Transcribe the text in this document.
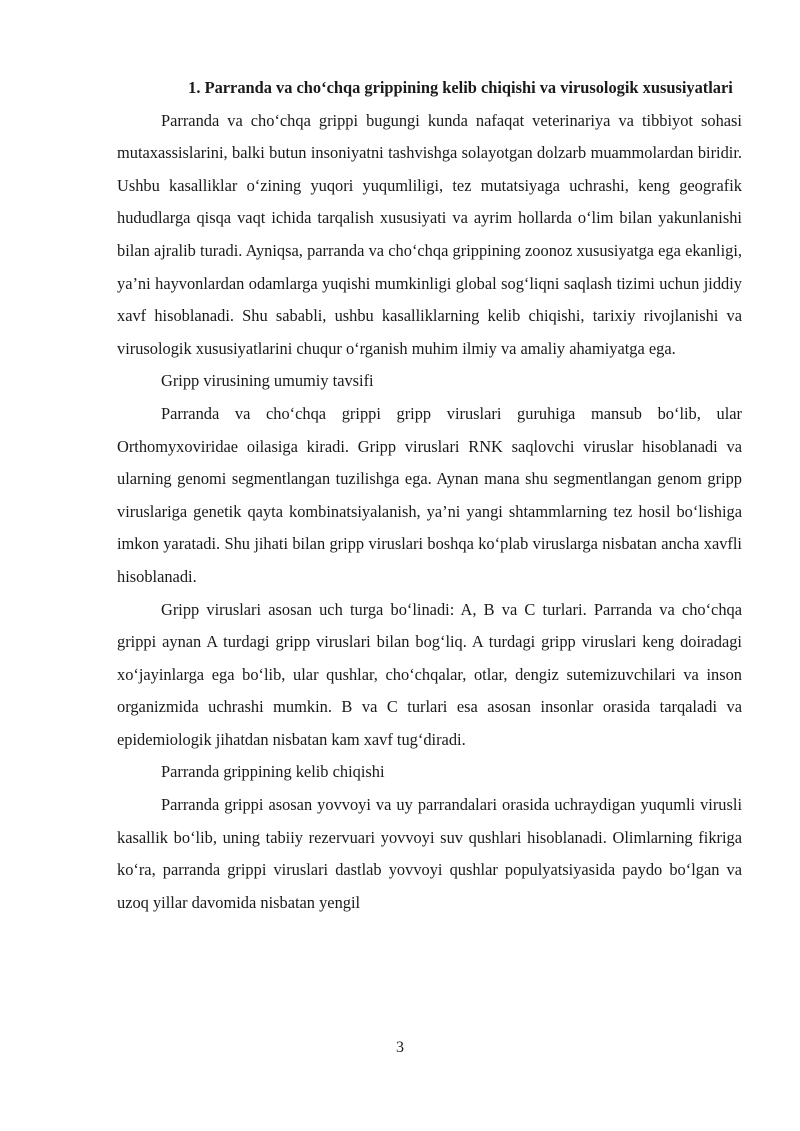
1. Parranda va cho‘chqa grippining kelib chiqishi va virusologik xususiyatlari

Parranda va cho‘chqa grippi bugungi kunda nafaqat veterinariya va tibbiyot sohasi mutaxassislarini, balki butun insoniyatni tashvishga solayotgan dolzarb muammolardan biridir. Ushbu kasalliklar o‘zining yuqori yuqumliligi, tez mutatsiyaga uchrashi, keng geografik hududlarga qisqa vaqt ichida tarqalish xususiyati va ayrim hollarda o‘lim bilan yakunlanishi bilan ajralib turadi. Ayniqsa, parranda va cho‘chqa grippining zoonoz xususiyatga ega ekanligi, ya’ni hayvonlardan odamlarga yuqishi mumkinligi global sog‘liqni saqlash tizimi uchun jiddiy xavf hisoblanadi. Shu sababli, ushbu kasalliklarning kelib chiqishi, tarixiy rivojlanishi va virusologik xususiyatlarini chuqur o‘rganish muhim ilmiy va amaliy ahamiyatga ega.

Gripp virusining umumiy tavsifi

Parranda va cho‘chqa grippi gripp viruslari guruhiga mansub bo‘lib, ular Orthomyxoviridae oilasiga kiradi. Gripp viruslari RNK saqlovchi viruslar hisoblanadi va ularning genomi segmentlangan tuzilishga ega. Aynan mana shu segmentlangan genom gripp viruslariga genetik qayta kombinatsiyalanish, ya’ni yangi shtammlarning tez hosil bo‘lishiga imkon yaratadi. Shu jihati bilan gripp viruslari boshqa ko‘plab viruslarga nisbatan ancha xavfli hisoblanadi.

Gripp viruslari asosan uch turga bo‘linadi: A, B va C turlari. Parranda va cho‘chqa grippi aynan A turdagi gripp viruslari bilan bog‘liq. A turdagi gripp viruslari keng doiradagi xo‘jayinlarga ega bo‘lib, ular qushlar, cho‘chqalar, otlar, dengiz sutemizuvchilari va inson organizmida uchrashi mumkin. B va C turlari esa asosan insonlar orasida tarqaladi va epidemiologik jihatdan nisbatan kam xavf tug‘diradi.

Parranda grippining kelib chiqishi

Parranda grippi asosan yovvoyi va uy parrandalari orasida uchraydigan yuqumli virusli kasallik bo‘lib, uning tabiiy rezervuari yovvoyi suv qushlari hisoblanadi. Olimlarning fikriga ko‘ra, parranda grippi viruslari dastlab yovvoyi qushlar populyatsiyasida paydo bo‘lgan va uzoq yillar davomida nisbatan yengil

3
